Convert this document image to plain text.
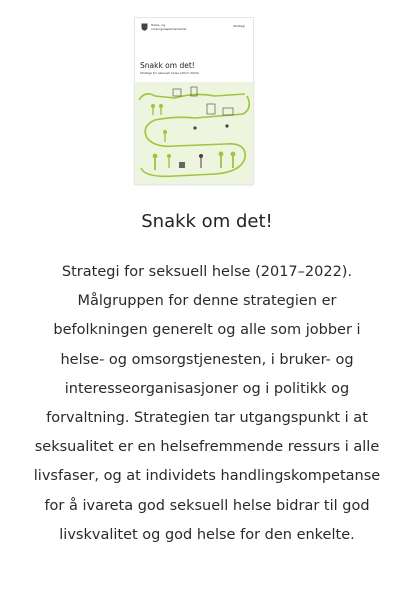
Helse- og
omsorgsdepartementet
Strategi
Snakk om det!
Strategi for seksuell helse (2017–2022)
Snakk om det!
Strategi for seksuell helse (2017–2022). Målgruppen for denne strategien er befolkningen generelt og alle som jobber i helse- og omsorgstjenesten, i bruker- og interesseorganisasjoner og i politikk og forvaltning. Strategien tar utgangspunkt i at seksualitet er en helsefremmende ressurs i alle livsfaser, og at individets handlingskompetanse for å ivareta god seksuell helse bidrar til god livskvalitet og god helse for den enkelte.
